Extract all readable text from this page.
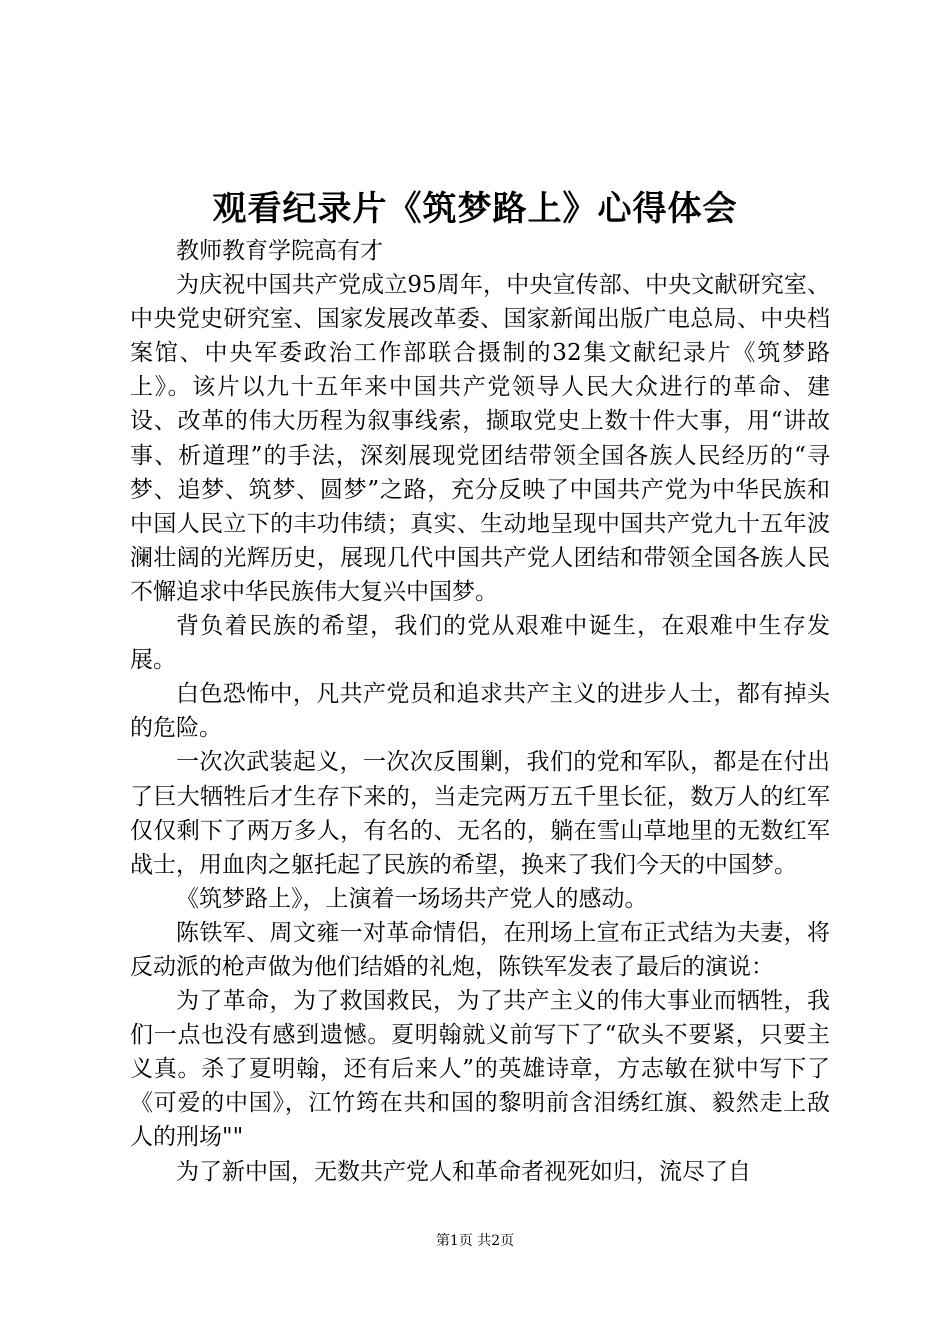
观看纪录片《筑梦路上》心得体会

教师教育学院高有才

为庆祝中国共产党成立95周年，中央宣传部、中央文献研究室、中央党史研究室、国家发展改革委、国家新闻出版广电总局、中央档案馆、中央军委政治工作部联合摄制的32集文献纪录片《筑梦路上》。该片以九十五年来中国共产党领导人民大众进行的革命、建设、改革的伟大历程为叙事线索，撷取党史上数十件大事，用“讲故事、析道理”的手法，深刻展现党团结带领全国各族人民经历的“寻梦、追梦、筑梦、圆梦”之路，充分反映了中国共产党为中华民族和中国人民立下的丰功伟绩；真实、生动地呈现中国共产党九十五年波澜壮阔的光辉历史，展现几代中国共产党人团结和带领全国各族人民不懈追求中华民族伟大复兴中国梦。

背负着民族的希望，我们的党从艰难中诞生，在艰难中生存发展。

白色恐怖中，凡共产党员和追求共产主义的进步人士，都有掉头的危险。

一次次武装起义，一次次反围剿，我们的党和军队，都是在付出了巨大牺牲后才生存下来的，当走完两万五千里长征，数万人的红军仅仅剩下了两万多人，有名的、无名的，躺在雪山草地里的无数红军战士，用血肉之躯托起了民族的希望，换来了我们今天的中国梦。

《筑梦路上》，上演着一场场共产党人的感动。

陈铁军、周文雍一对革命情侣，在刑场上宣布正式结为夫妻，将反动派的枪声做为他们结婚的礼炮，陈铁军发表了最后的演说：

为了革命，为了救国救民，为了共产主义的伟大事业而牺牲，我们一点也没有感到遗憾。夏明翰就义前写下了“砍头不要紧，只要主义真。杀了夏明翰，还有后来人”的英雄诗章，方志敏在狱中写下了《可爱的中国》，江竹筠在共和国的黎明前含泪绣红旗、毅然走上敌人的刑场""

为了新中国，无数共产党人和革命者视死如归，流尽了自

第1页 共2页
